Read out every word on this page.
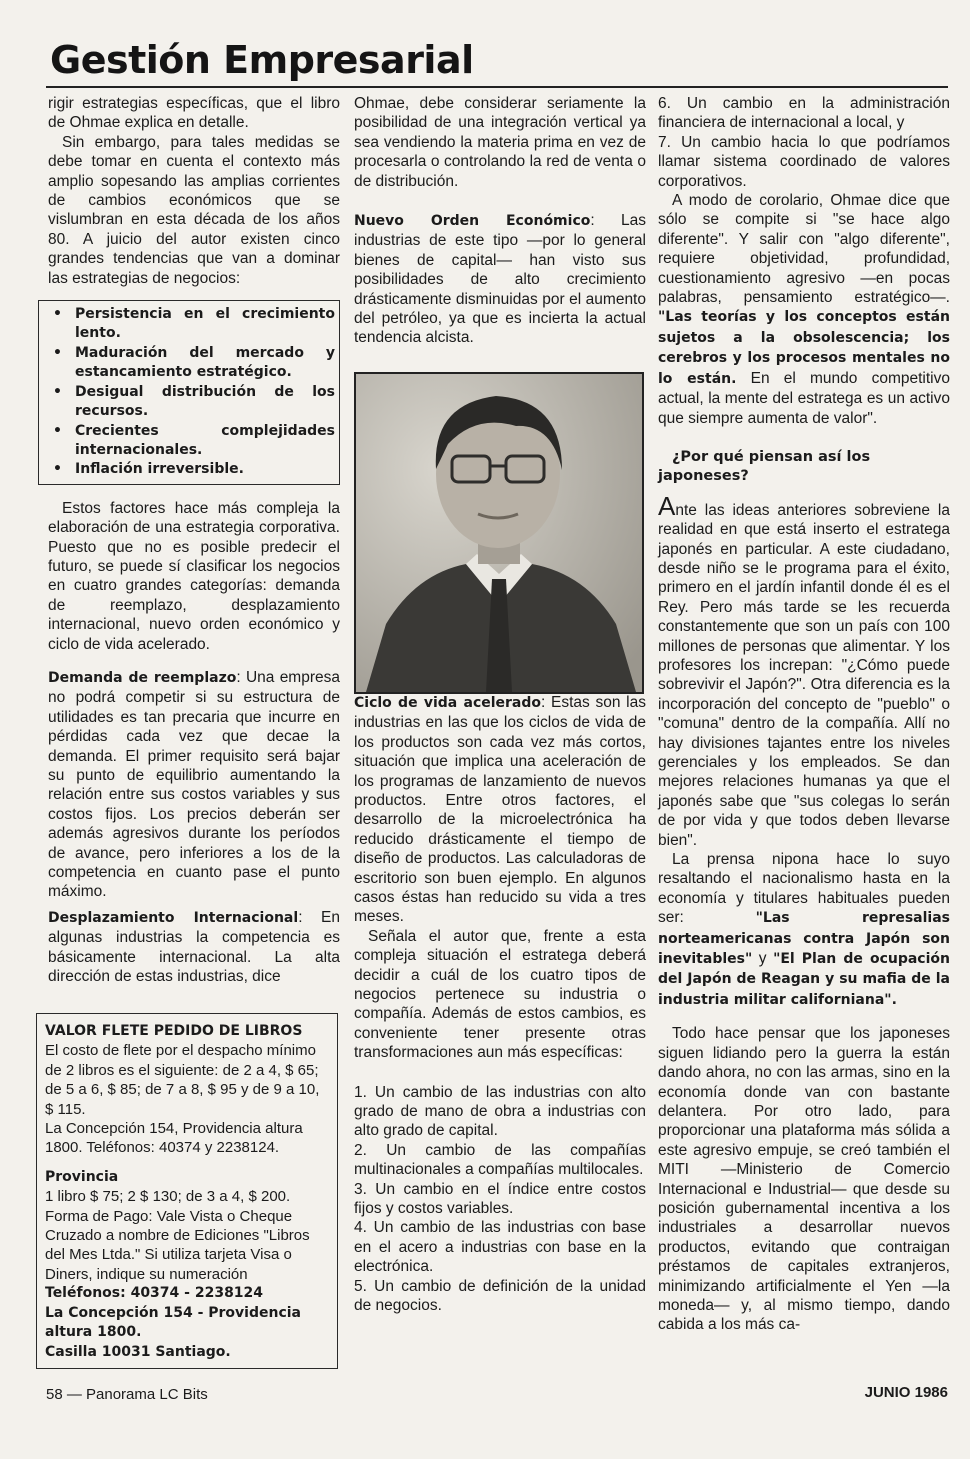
Gestión Empresarial

rigir estrategias específicas, que el libro de Ohmae explica en detalle.

Sin embargo, para tales medidas se debe tomar en cuenta el contexto más amplio sopesando las amplias corrientes de cambios económicos que se vislumbran en esta década de los años 80. A juicio del autor existen cinco grandes tendencias que van a dominar las estrategias de negocios:

• Persistencia en el crecimiento lento.
• Maduración del mercado y estancamiento estratégico.
• Desigual distribución de los recursos.
• Crecientes complejidades internacionales.
• Inflación irreversible.

Estos factores hace más compleja la elaboración de una estrategia corporativa. Puesto que no es posible predecir el futuro, se puede sí clasificar los negocios en cuatro grandes categorías: demanda de reemplazo, desplazamiento internacional, nuevo orden económico y ciclo de vida acelerado.

Demanda de reemplazo: Una empresa no podrá competir si su estructura de utilidades es tan precaria que incurre en pérdidas cada vez que decae la demanda. El primer requisito será bajar su punto de equilibrio aumentando la relación entre sus costos variables y sus costos fijos. Los precios deberán ser además agresivos durante los períodos de avance, pero inferiores a los de la competencia en cuanto pase el punto máximo.

Desplazamiento Internacional: En algunas industrias la competencia es básicamente internacional. La alta dirección de estas industrias, dice

VALOR FLETE PEDIDO DE LIBROS

El costo de flete por el despacho mínimo de 2 libros es el siguiente: de 2 a 4, $ 65; de 5 a 6, $ 85; de 7 a 8, $ 95 y de 9 a 10, $ 115.

La Concepción 154, Providencia altura 1800. Teléfonos: 40374 y 2238124.

Provincia

1 libro $ 75; 2 $ 130; de 3 a 4, $ 200.

Forma de Pago: Vale Vista o Cheque Cruzado a nombre de Ediciones "Libros del Mes Ltda." Si utiliza tarjeta Visa o Diners, indique su numeración

Teléfonos: 40374 - 2238124

La Concepción 154 - Providencia altura 1800.

Casilla 10031 Santiago.

Ohmae, debe considerar seriamente la posibilidad de una integración vertical ya sea vendiendo la materia prima en vez de procesarla o controlando la red de venta o de distribución.

Nuevo Orden Económico: Las industrias de este tipo —por lo general bienes de capital— han visto sus posibilidades de alto crecimiento drásticamente disminuidas por el aumento del petróleo, ya que es incierta la actual tendencia alcista.

Ciclo de vida acelerado: Estas son las industrias en las que los ciclos de vida de los productos son cada vez más cortos, situación que implica una aceleración de los programas de lanzamiento de nuevos productos. Entre otros factores, el desarrollo de la microelectrónica ha reducido drásticamente el tiempo de diseño de productos. Las calculadoras de escritorio son buen ejemplo. En algunos casos éstas han reducido su vida a tres meses.

Señala el autor que, frente a esta compleja situación el estratega deberá decidir a cuál de los cuatro tipos de negocios pertenece su industria o compañía. Además de estos cambios, es conveniente tener presente otras transformaciones aun más específicas:

1. Un cambio de las industrias con alto grado de mano de obra a industrias con alto grado de capital.

2. Un cambio de las compañías multinacionales a compañías multilocales.

3. Un cambio en el índice entre costos fijos y costos variables.

4. Un cambio de las industrias con base en el acero a industrias con base en la electrónica.

5. Un cambio de definición de la unidad de negocios.

6. Un cambio en la administración financiera de internacional a local, y

7. Un cambio hacia lo que podríamos llamar sistema coordinado de valores corporativos.

A modo de corolario, Ohmae dice que sólo se compite si "se hace algo diferente". Y salir con "algo diferente", requiere objetividad, profundidad, cuestionamiento agresivo —en pocas palabras, pensamiento estratégico—. "Las teorías y los conceptos están sujetos a la obsolescencia; los cerebros y los procesos mentales no lo están. En el mundo competitivo actual, la mente del estratega es un activo que siempre aumenta de valor".

¿Por qué piensan así los japoneses?

Ante las ideas anteriores sobreviene la realidad en que está inserto el estratega japonés en particular. A este ciudadano, desde niño se le programa para el éxito, primero en el jardín infantil donde él es el Rey. Pero más tarde se les recuerda constantemente que son un país con 100 millones de personas que alimentar. Y los profesores los increpan: "¿Cómo puede sobrevivir el Japón?". Otra diferencia es la incorporación del concepto de "pueblo" o "comuna" dentro de la compañía. Allí no hay divisiones tajantes entre los niveles gerenciales y los empleados. Se dan mejores relaciones humanas ya que el japonés sabe que "sus colegas lo serán de por vida y que todos deben llevarse bien".

La prensa nipona hace lo suyo resaltando el nacionalismo hasta en la economía y titulares habituales pueden ser: "Las represalias norteamericanas contra Japón son inevitables" y "El Plan de ocupación del Japón de Reagan y su mafia de la industria militar californiana".

Todo hace pensar que los japoneses siguen lidiando pero la guerra la están dando ahora, no con las armas, sino en la economía donde van con bastante delantera. Por otro lado, para proporcionar una plataforma más sólida a este agresivo empuje, se creó también el MITI —Ministerio de Comercio Internacional e Industrial— que desde su posición gubernamental incentiva a los industriales a desarrollar nuevos productos, evitando que contraigan préstamos de capitales extranjeros, minimizando artificialmente el Yen —la moneda— y, al mismo tiempo, dando cabida a los más ca-

58 — Panorama LC Bits	JUNIO 1986
